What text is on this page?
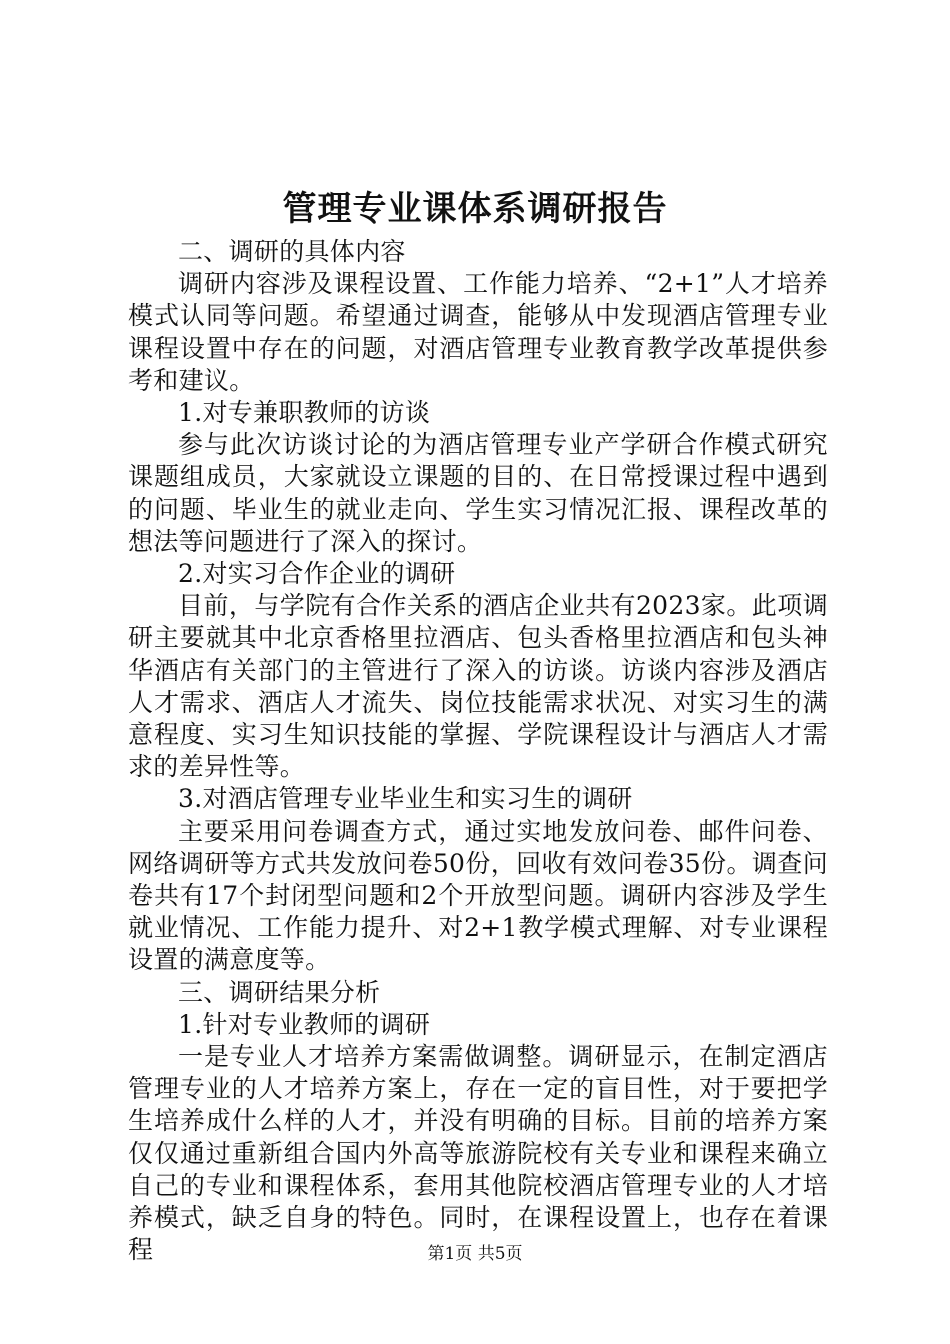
管理专业课体系调研报告

二、调研的具体内容

调研内容涉及课程设置、工作能力培养、“2+1”人才培养模式认同等问题。希望通过调查，能够从中发现酒店管理专业课程设置中存在的问题，对酒店管理专业教育教学改革提供参考和建议。

1.对专兼职教师的访谈

参与此次访谈讨论的为酒店管理专业产学研合作模式研究课题组成员，大家就设立课题的目的、在日常授课过程中遇到的问题、毕业生的就业走向、学生实习情况汇报、课程改革的想法等问题进行了深入的探讨。

2.对实习合作企业的调研

目前，与学院有合作关系的酒店企业共有2023家。此项调研主要就其中北京香格里拉酒店、包头香格里拉酒店和包头神华酒店有关部门的主管进行了深入的访谈。访谈内容涉及酒店人才需求、酒店人才流失、岗位技能需求状况、对实习生的满意程度、实习生知识技能的掌握、学院课程设计与酒店人才需求的差异性等。

3.对酒店管理专业毕业生和实习生的调研

主要采用问卷调查方式，通过实地发放问卷、邮件问卷、网络调研等方式共发放问卷50份，回收有效问卷35份。调查问卷共有17个封闭型问题和2个开放型问题。调研内容涉及学生就业情况、工作能力提升、对2+1教学模式理解、对专业课程设置的满意度等。

三、调研结果分析

1.针对专业教师的调研

一是专业人才培养方案需做调整。调研显示，在制定酒店管理专业的人才培养方案上，存在一定的盲目性，对于要把学生培养成什么样的人才，并没有明确的目标。目前的培养方案仅仅通过重新组合国内外高等旅游院校有关专业和课程来确立自己的专业和课程体系，套用其他院校酒店管理专业的人才培养模式，缺乏自身的特色。同时，在课程设置上，也存在着课程	第1页 共5页
